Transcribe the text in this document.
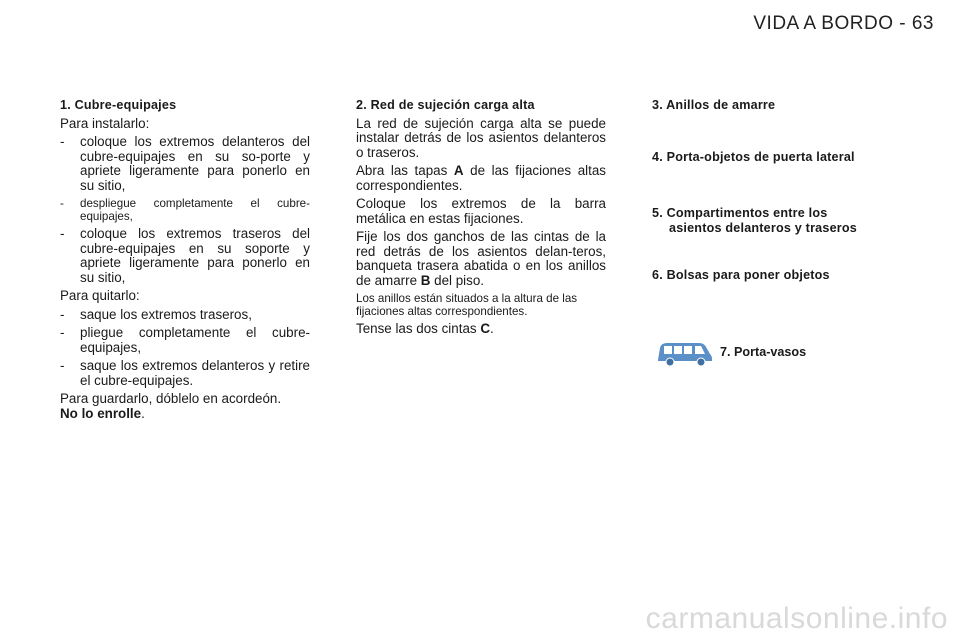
VIDA A BORDO - 63
1. Cubre-equipajes

Para instalarlo:

- coloque los extremos delanteros del cubre-equipajes en su so-porte y apriete ligeramente para ponerlo en su sitio,
- despliegue completamente el cubre-equipajes,
- coloque los extremos traseros del cubre-equipajes en su soporte y apriete ligeramente para ponerlo en su sitio,

Para quitarlo:

- saque los extremos traseros,
- pliegue completamente el cubre-equipajes,
- saque los extremos delanteros y retire el cubre-equipajes.

Para guardarlo, dóblelo en acordeón.
No lo enrolle.

2. Red de sujeción carga alta

La red de sujeción carga alta se puede instalar detrás de los asientos delanteros o traseros.

Abra las tapas A de las fijaciones altas correspondientes.

Coloque los extremos de la barra metálica en estas fijaciones.

Fije los dos ganchos de las cintas de la red detrás de los asientos delan-teros, banqueta trasera abatida o en los anillos de amarre B del piso.

Los anillos están situados a la altura de las fijaciones altas correspondientes.

Tense las dos cintas C.

3. Anillos de amarre
4. Porta-objetos de puerta lateral
5. Compartimentos entre los
asientos delanteros y traseros
6. Bolsas para poner objetos
7. Porta-vasos
carmanualsonline.info
